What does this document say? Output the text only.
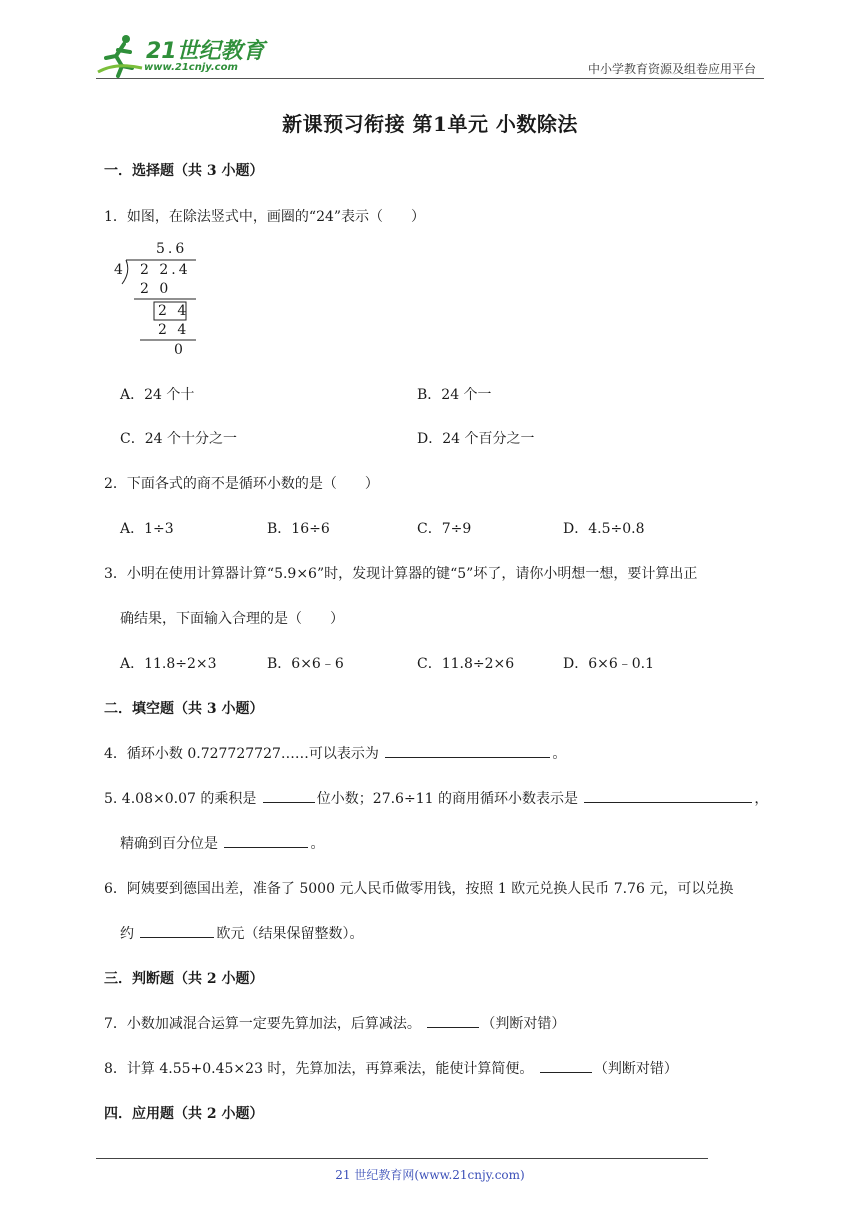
21世纪教育
www.21cnjy.com	中小学教育资源及组卷应用平台
新课预习衔接 第1单元 小数除法
一．选择题（共 3 小题）
1．如图，在除法竖式中，画圈的“24”表示（　　）
5.6
4 2 2.4
2 0
2 4
2 4
0
A．24 个十	B．24 个一
C．24 个十分之一	D．24 个百分之一
2．下面各式的商不是循环小数的是（　　）
A．1÷3	B．16÷6	C．7÷9	D．4.5÷0.8
3．小明在使用计算器计算“5.9×6”时，发现计算器的键“5”坏了，请你小明想一想，要计算出正
确结果，下面输入合理的是（　　）
A．11.8÷2×3	B．6×6﹣6	C．11.8÷2×6	D．6×6﹣0.1
二．填空题（共 3 小题）
4．循环小数 0.727727727……可以表示为	。
5. 4.08×0.07 的乘积是	位小数；27.6÷11 的商用循环小数表示是	，
精确到百分位是	。
6．阿姨要到德国出差，准备了 5000 元人民币做零用钱，按照 1 欧元兑换人民币 7.76 元，可以兑换
约	欧元（结果保留整数）。
三．判断题（共 2 小题）
7．小数加减混合运算一定要先算加法，后算减法。	（判断对错）
8．计算 4.55+0.45×23 时，先算加法，再算乘法，能使计算简便。	（判断对错）
四．应用题（共 2 小题）
21 世纪教育网(www.21cnjy.com)
